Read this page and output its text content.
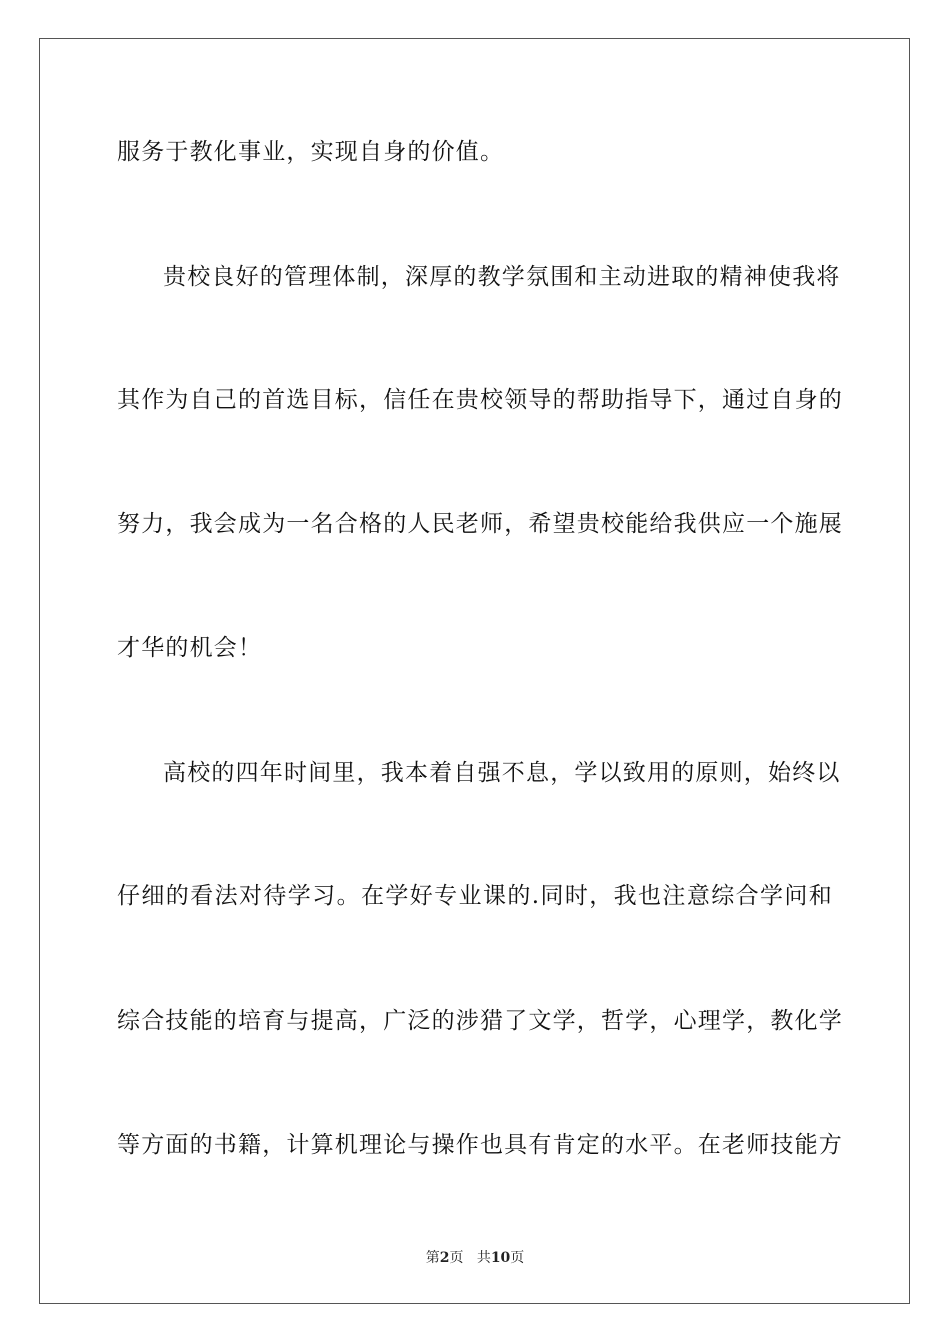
服务于教化事业，实现自身的价值。
贵校良好的管理体制，深厚的教学氛围和主动进取的精神使我将
其作为自己的首选目标，信任在贵校领导的帮助指导下，通过自身的
努力，我会成为一名合格的人民老师，希望贵校能给我供应一个施展
才华的机会！
高校的四年时间里，我本着自强不息，学以致用的原则，始终以
仔细的看法对待学习。在学好专业课的.同时，我也注意综合学问和
综合技能的培育与提高，广泛的涉猎了文学，哲学，心理学，教化学
等方面的书籍，计算机理论与操作也具有肯定的水平。在老师技能方
第2页 共10页
